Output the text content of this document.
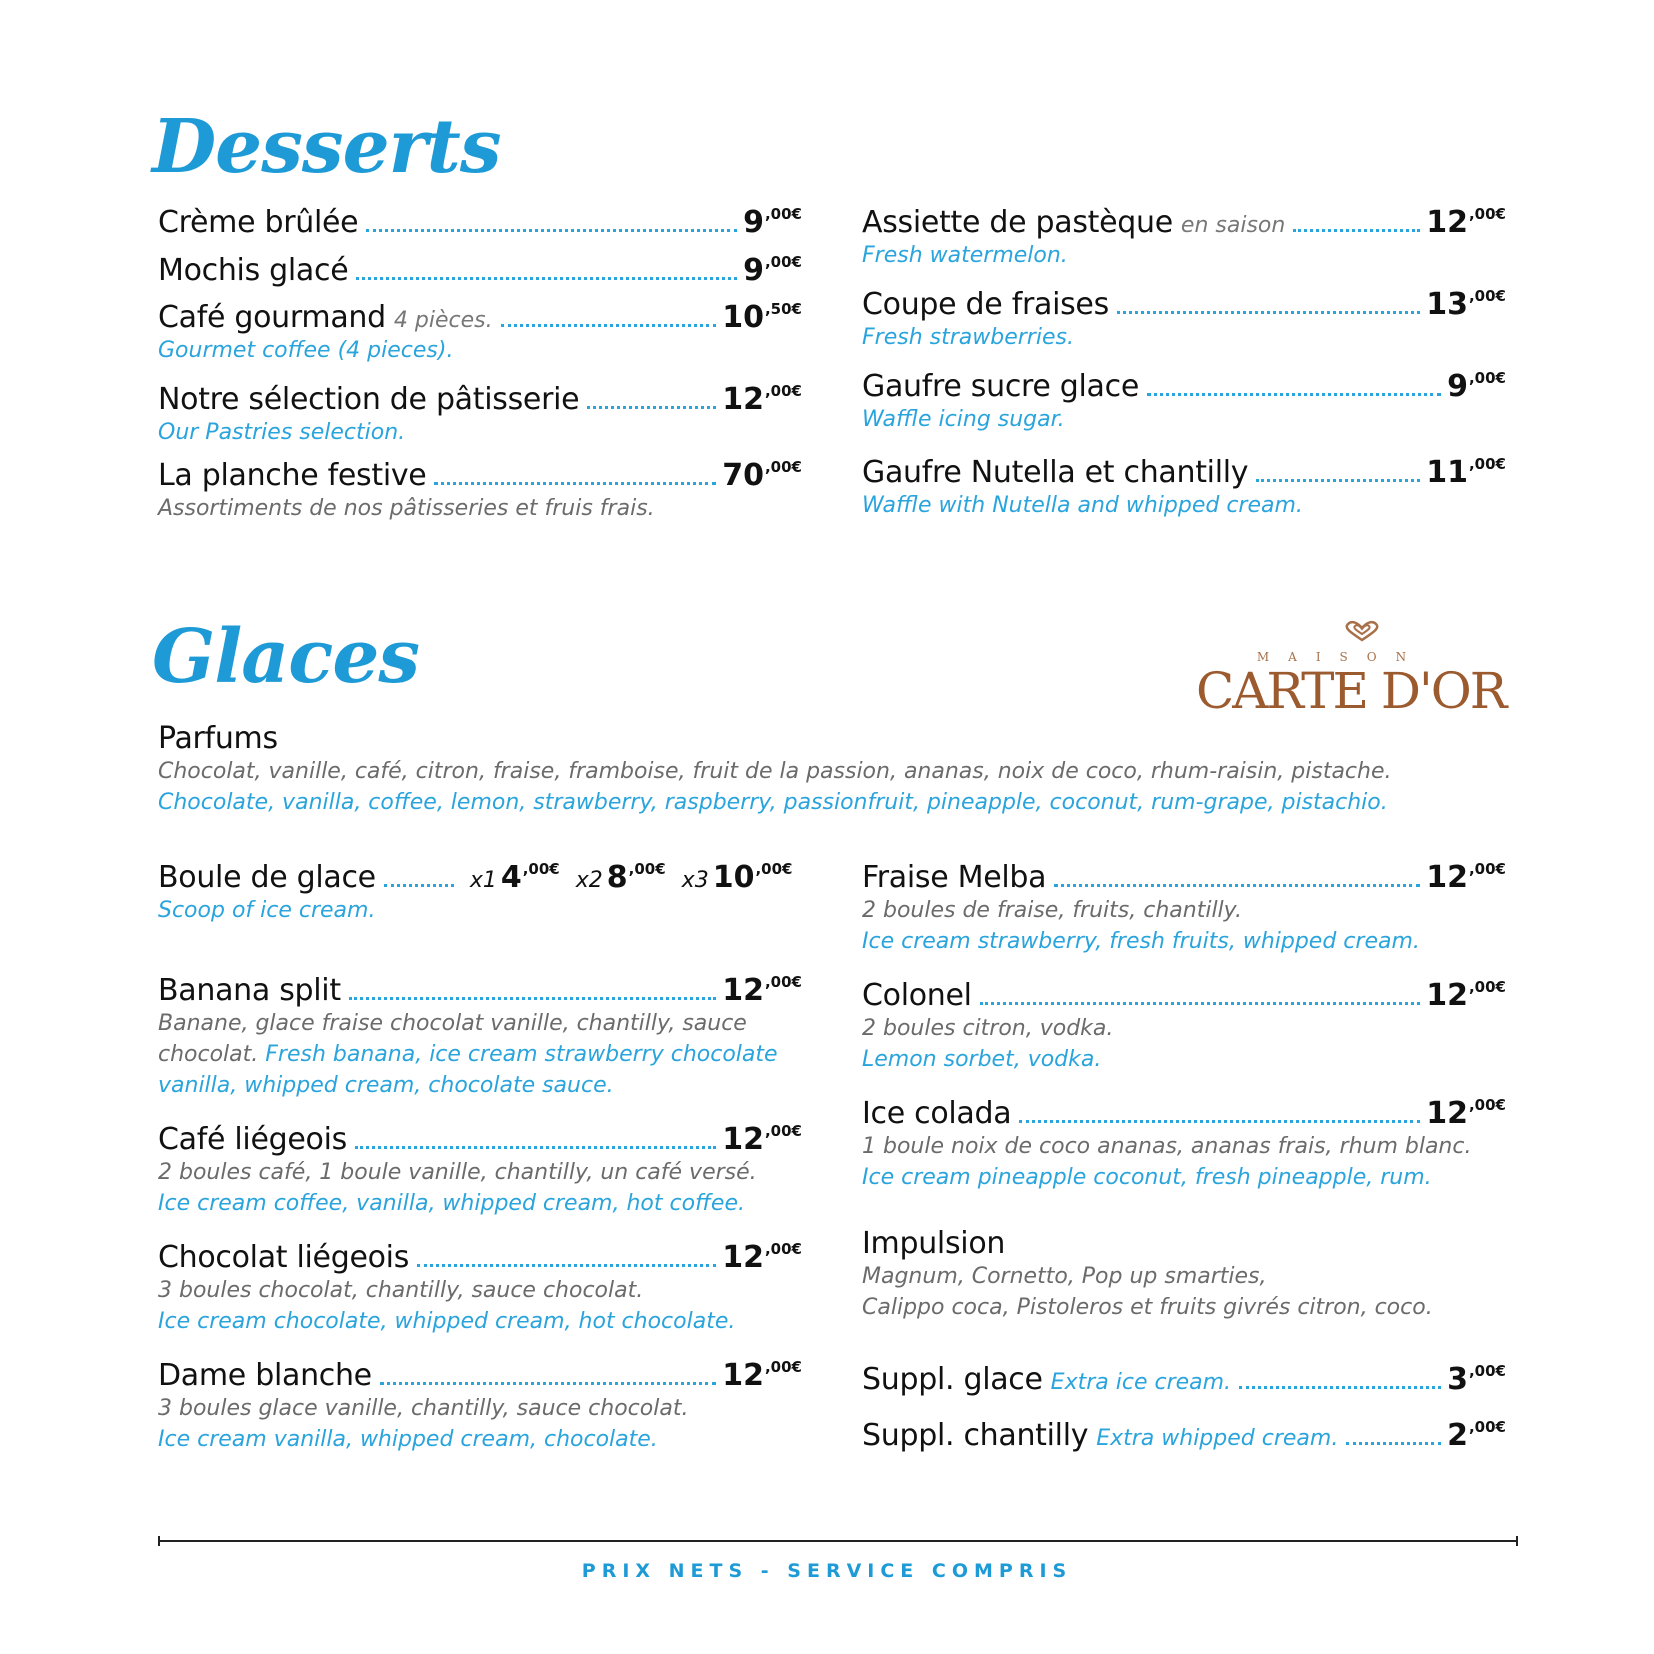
Desserts
Crème brûlée	$9^{,00€}$
Mochis glacé	$9^{,00€}$
Café gourmand 4 pièces.	$10^{,50€}$
Gourmet coffee (4 pieces).
Notre sélection de pâtisserie	$12^{,00€}$
Our Pastries selection.
La planche festive	$70^{,00€}$
Assortiments de nos pâtisseries et fruis frais.
Assiette de pastèque en saison	$12^{,00€}$
Fresh watermelon.
Coupe de fraises	$13^{,00€}$
Fresh strawberries.
Gaufre sucre glace	$9^{,00€}$
Waffle icing sugar.
Gaufre Nutella et chantilly	$11^{,00€}$
Waffle with Nutella and whipped cream.
Glaces	MAISON
CARTE D'OR
Parfums
Chocolat, vanille, café, citron, fraise, framboise, fruit de la passion, ananas, noix de coco, rhum-raisin, pistache.
Chocolate, vanilla, coffee, lemon, strawberry, raspberry, passionfruit, pineapple, coconut, rum-grape, pistachio.
Boule de glace	x1 $4^{,00€}$ x2 $8^{,00€}$ x3 $10^{,00€}$
Scoop of ice cream.
Banana split	$12^{,00€}$
Banane, glace fraise chocolat vanille, chantilly, sauce chocolat. Fresh banana, ice cream strawberry chocolate vanilla, whipped cream, chocolate sauce.
Café liégeois	$12^{,00€}$
2 boules café, 1 boule vanille, chantilly, un café versé.
Ice cream coffee, vanilla, whipped cream, hot coffee.
Chocolat liégeois	$12^{,00€}$
3 boules chocolat, chantilly, sauce chocolat.
Ice cream chocolate, whipped cream, hot chocolate.
Dame blanche	$12^{,00€}$
3 boules glace vanille, chantilly, sauce chocolat.
Ice cream vanilla, whipped cream, chocolate.
Fraise Melba	$12^{,00€}$
2 boules de fraise, fruits, chantilly.
Ice cream strawberry, fresh fruits, whipped cream.
Colonel	$12^{,00€}$
2 boules citron, vodka.
Lemon sorbet, vodka.
Ice colada	$12^{,00€}$
1 boule noix de coco ananas, ananas frais, rhum blanc.
Ice cream pineapple coconut, fresh pineapple, rum.
Impulsion
Magnum, Cornetto, Pop up smarties,
Calippo coca, Pistoleros et fruits givrés citron, coco.
Suppl. glace Extra ice cream.	$3^{,00€}$
Suppl. chantilly Extra whipped cream.	$2^{,00€}$
PRIX NETS - SERVICE COMPRIS
